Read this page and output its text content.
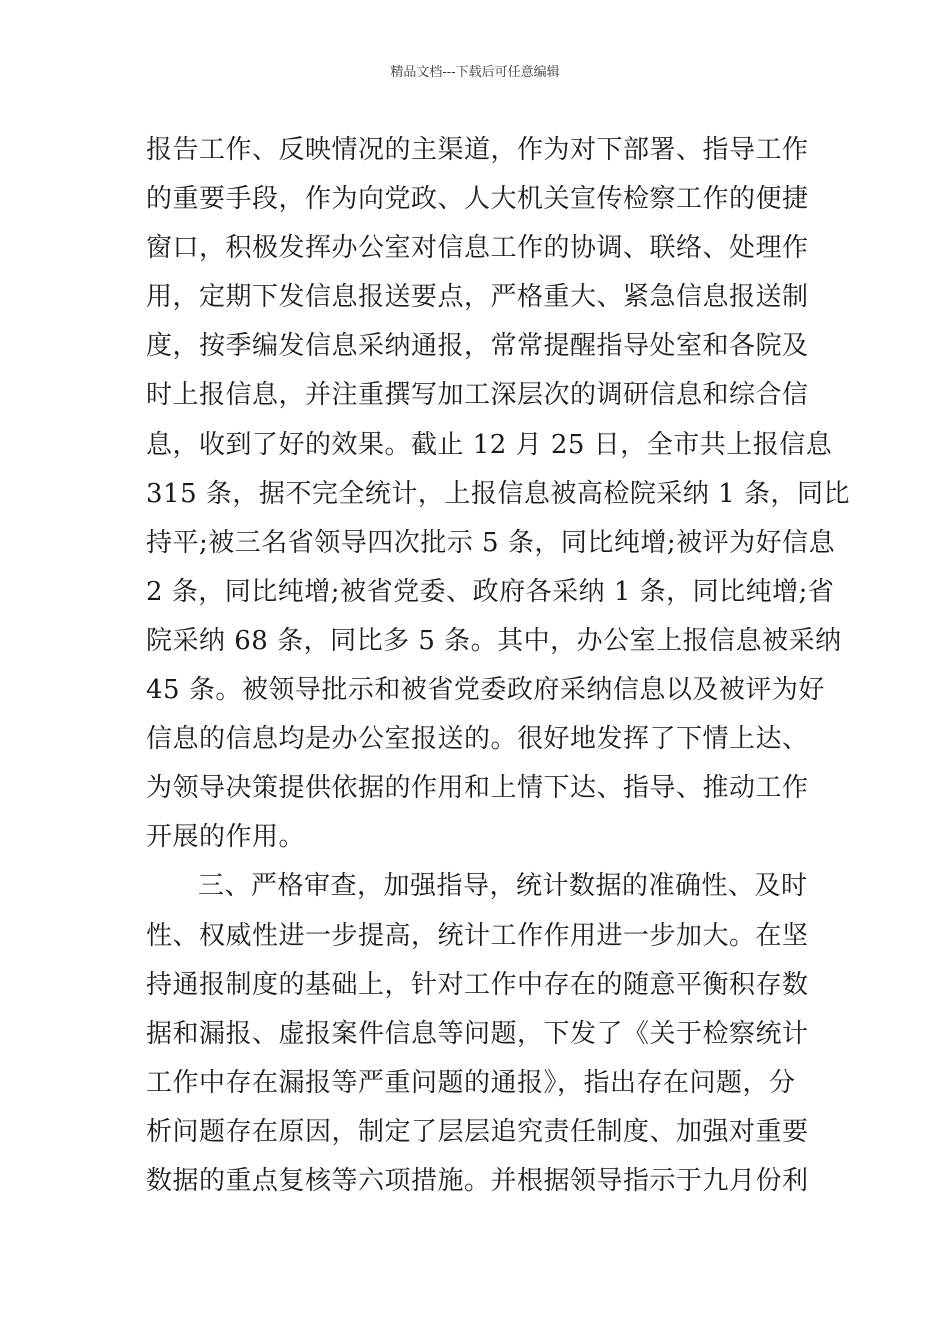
精品文档---下载后可任意编辑
报告工作、反映情况的主渠道，作为对下部署、指导工作
的重要手段，作为向党政、人大机关宣传检察工作的便捷
窗口，积极发挥办公室对信息工作的协调、联络、处理作
用，定期下发信息报送要点，严格重大、紧急信息报送制
度，按季编发信息采纳通报，常常提醒指导处室和各院及
时上报信息，并注重撰写加工深层次的调研信息和综合信
息，收到了好的效果。截止 12 月 25 日，全市共上报信息
315 条，据不完全统计，上报信息被高检院采纳 1 条，同比
持平;被三名省领导四次批示 5 条，同比纯增;被评为好信息
2 条，同比纯增;被省党委、政府各采纳 1 条，同比纯增;省
院采纳 68 条，同比多 5 条。其中，办公室上报信息被采纳
45 条。被领导批示和被省党委政府采纳信息以及被评为好
信息的信息均是办公室报送的。很好地发挥了下情上达、
为领导决策提供依据的作用和上情下达、指导、推动工作
开展的作用。
三、严格审查，加强指导，统计数据的准确性、及时
性、权威性进一步提高，统计工作作用进一步加大。在坚
持通报制度的基础上，针对工作中存在的随意平衡积存数
据和漏报、虚报案件信息等问题，下发了《关于检察统计
工作中存在漏报等严重问题的通报》，指出存在问题，分
析问题存在原因，制定了层层追究责任制度、加强对重要
数据的重点复核等六项措施。并根据领导指示于九月份利
